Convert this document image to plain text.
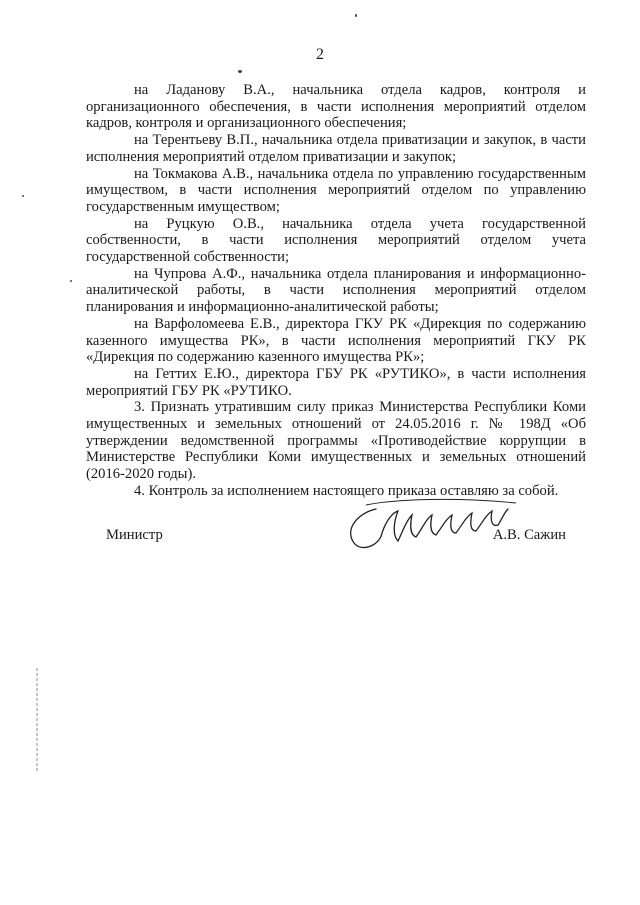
2

на Ладанову В.А., начальника отдела кадров, контроля и организационного обеспечения, в части исполнения мероприятий отделом кадров, контроля и организационного обеспечения;

на Терентьеву В.П., начальника отдела приватизации и закупок, в части исполнения мероприятий отделом приватизации и закупок;

на Токмакова А.В., начальника отдела по управлению государственным имуществом, в части исполнения мероприятий отделом по управлению государственным имуществом;

на Руцкую О.В., начальника отдела учета государственной собственности, в части исполнения мероприятий отделом учета государственной собственности;

на Чупрова А.Ф., начальника отдела планирования и информационно-аналитической работы, в части исполнения мероприятий отделом планирования и информационно-аналитической работы;

на Варфоломеева Е.В., директора ГКУ РК «Дирекция по содержанию казенного имущества РК», в части исполнения мероприятий ГКУ РК «Дирекция по содержанию казенного имущества РК»;

на Геттих Е.Ю., директора ГБУ РК «РУТИКО», в части исполнения мероприятий ГБУ РК «РУТИКО.

3. Признать утратившим силу приказ Министерства Республики Коми имущественных и земельных отношений от 24.05.2016 г. № 198Д «Об утверждении ведомственной программы «Противодействие коррупции в Министерстве Республики Коми имущественных и земельных отношений (2016-2020 годы).

4. Контроль за исполнением настоящего приказа оставляю за собой.

Министр	А.В. Сажин
